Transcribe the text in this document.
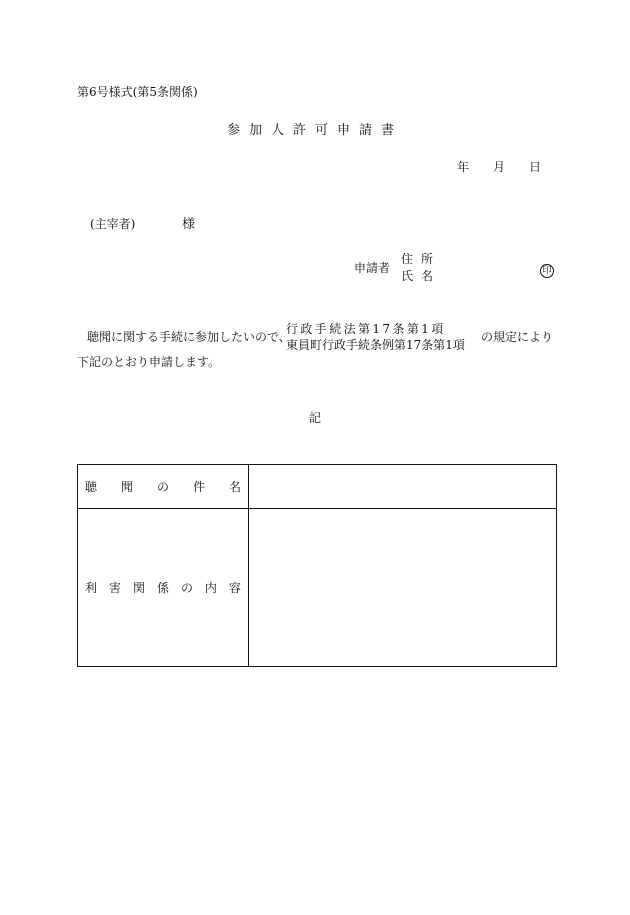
第6号様式(第5条関係)
参加人許可申請書
年 月 日
(主宰者)	様
申請者
住所
氏名	印
聴聞に関する手続に参加したいので、
行政手続法第17条第1項
東員町行政手続条例第17条第1項
の規定により
下記のとおり申請します。
記
聴 聞 の 件 名
利 害 関 係 の 内 容
